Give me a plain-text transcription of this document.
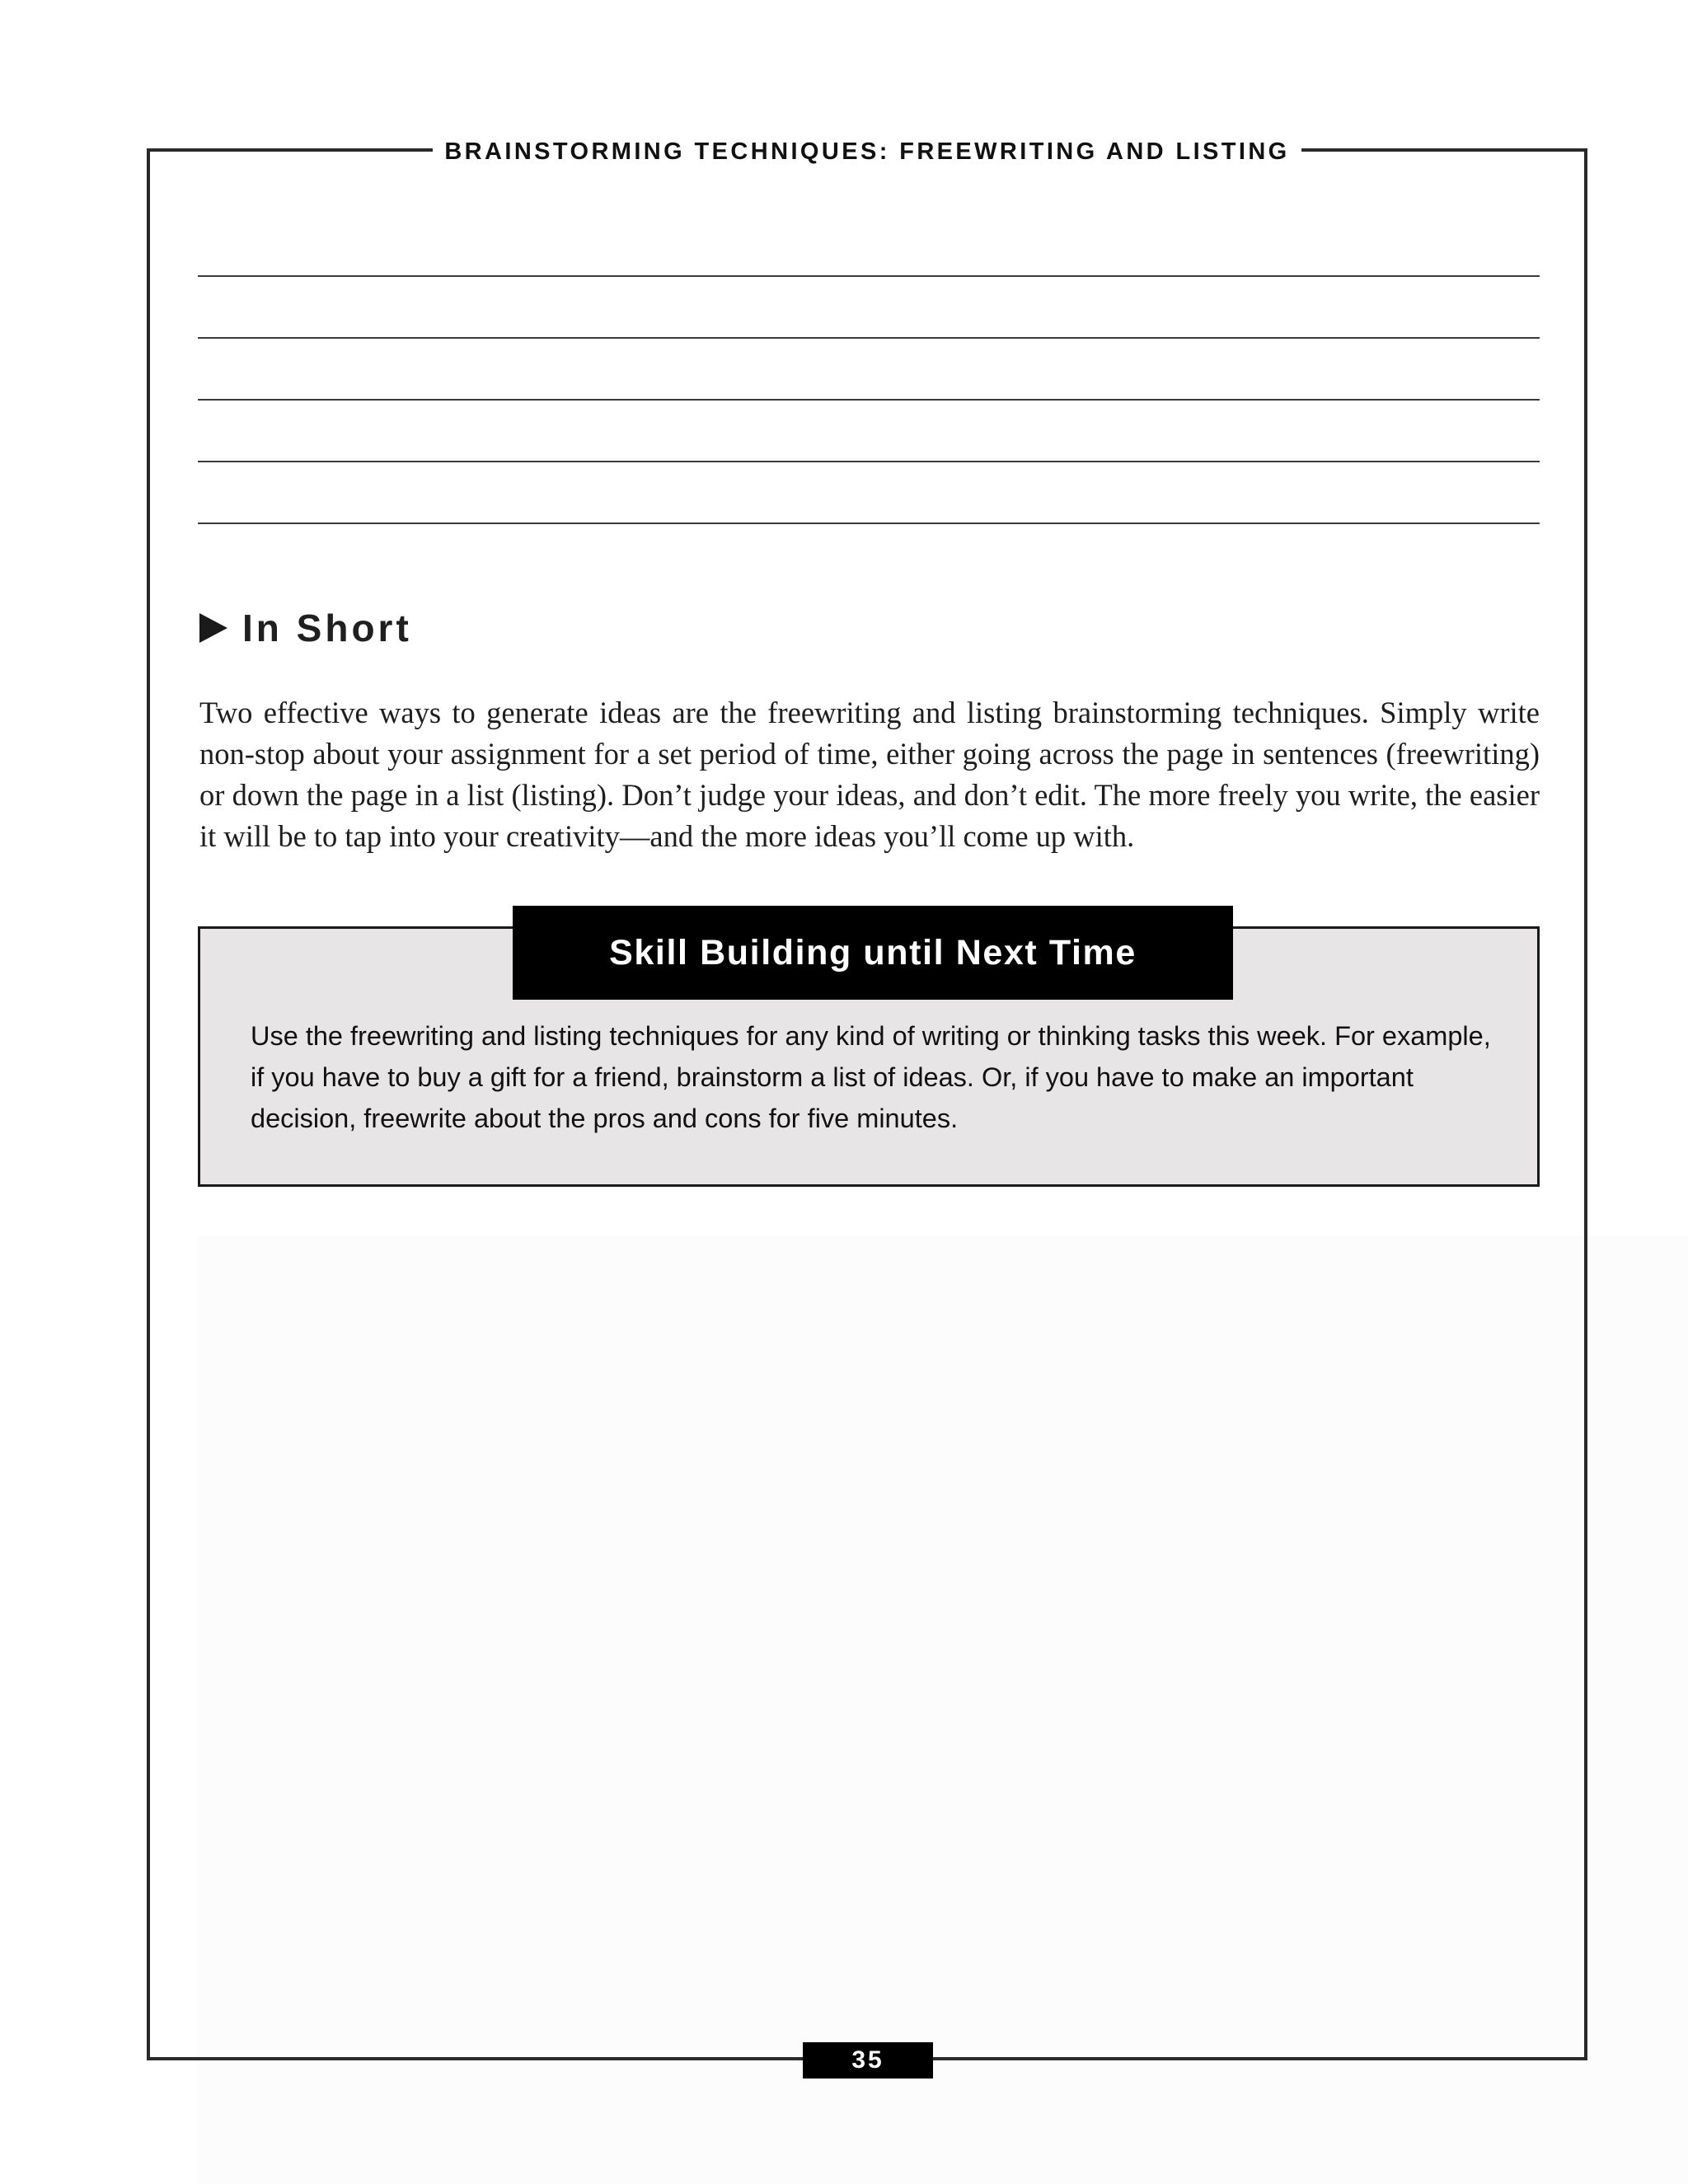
BRAINSTORMING TECHNIQUES: FREEWRITING AND LISTING
In Short

Two effective ways to generate ideas are the freewriting and listing brainstorming techniques. Simply write non-stop about your assignment for a set period of time, either going across the page in sentences (freewriting) or down the page in a list (listing). Don’t judge your ideas, and don’t edit. The more freely you write, the easier it will be to tap into your creativity—and the more ideas you’ll come up with.

Skill Building until Next Time

Use the freewriting and listing techniques for any kind of writing or thinking tasks this week. For example, if you have to buy a gift for a friend, brainstorm a list of ideas. Or, if you have to make an important decision, freewrite about the pros and cons for five minutes.

35
